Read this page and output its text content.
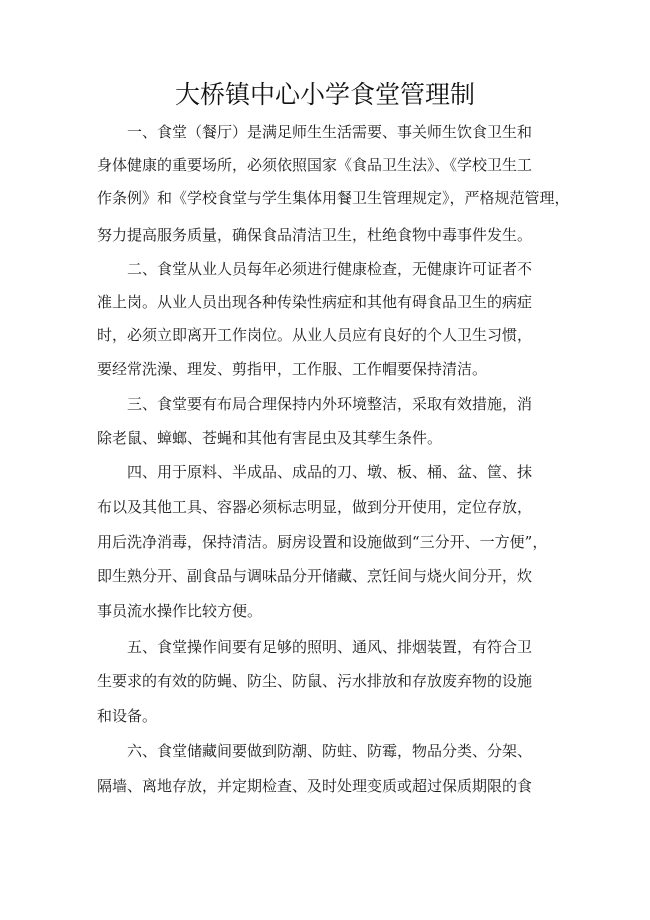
大桥镇中心小学食堂管理制
一、食堂（餐厅）是满足师生生活需要、事关师生饮食卫生和
身体健康的重要场所，必须依照国家《食品卫生法》、《学校卫生工
作条例》和《学校食堂与学生集体用餐卫生管理规定》，严格规范管理，
努力提高服务质量，确保食品清洁卫生，杜绝食物中毒事件发生。
二、食堂从业人员每年必须进行健康检查，无健康许可证者不
准上岗。从业人员出现各种传染性病症和其他有碍食品卫生的病症
时，必须立即离开工作岗位。从业人员应有良好的个人卫生习惯，
要经常洗澡、理发、剪指甲，工作服、工作帽要保持清洁。
三、食堂要有布局合理保持内外环境整洁，采取有效措施，消
除老鼠、蟑螂、苍蝇和其他有害昆虫及其孳生条件。
四、用于原料、半成品、成品的刀、墩、板、桶、盆、筐、抹
布以及其他工具、容器必须标志明显，做到分开使用，定位存放，
用后洗净消毒，保持清洁。厨房设置和设施做到“三分开、一方便”，
即生熟分开、副食品与调味品分开储藏、烹饪间与烧火间分开，炊
事员流水操作比较方便。
五、食堂操作间要有足够的照明、通风、排烟装置，有符合卫
生要求的有效的防蝇、防尘、防鼠、污水排放和存放废弃物的设施
和设备。
六、食堂储藏间要做到防潮、防蛀、防霉，物品分类、分架、
隔墙、离地存放，并定期检查、及时处理变质或超过保质期限的食
